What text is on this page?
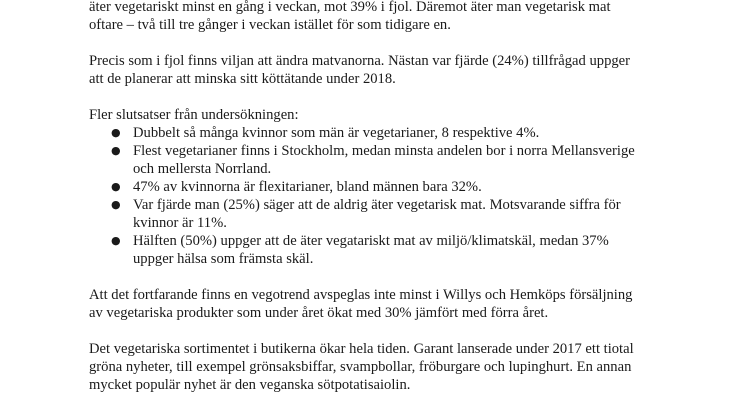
äter vegetariskt minst en gång i veckan, mot 39% i fjol. Däremot äter man vegetarisk mat
oftare – två till tre gånger i veckan istället för som tidigare en.

Precis som i fjol finns viljan att ändra matvanorna. Nästan var fjärde (24%) tillfrågad uppger
att de planerar att minska sitt köttätande under 2018.

Fler slutsatser från undersökningen:

● Dubbelt så många kvinnor som män är vegetarianer, 8 respektive 4%.
● Flest vegetarianer finns i Stockholm, medan minsta andelen bor i norra Mellansverige
och mellersta Norrland.
● 47% av kvinnorna är flexitarianer, bland männen bara 32%.
● Var fjärde man (25%) säger att de aldrig äter vegetarisk mat. Motsvarande siffra för
kvinnor är 11%.
● Hälften (50%) uppger att de äter vegatariskt mat av miljö/klimatskäl, medan 37%
uppger hälsa som främsta skäl.

Att det fortfarande finns en vegotrend avspeglas inte minst i Willys och Hemköps försäljning
av vegetariska produkter som under året ökat med 30% jämfört med förra året.

Det vegetariska sortimentet i butikerna ökar hela tiden. Garant lanserade under 2017 ett tiotal
gröna nyheter, till exempel grönsaksbiffar, svampbollar, fröburgare och lupinghurt. En annan
mycket populär nyhet är den veganska sötpotatisaiolin.
